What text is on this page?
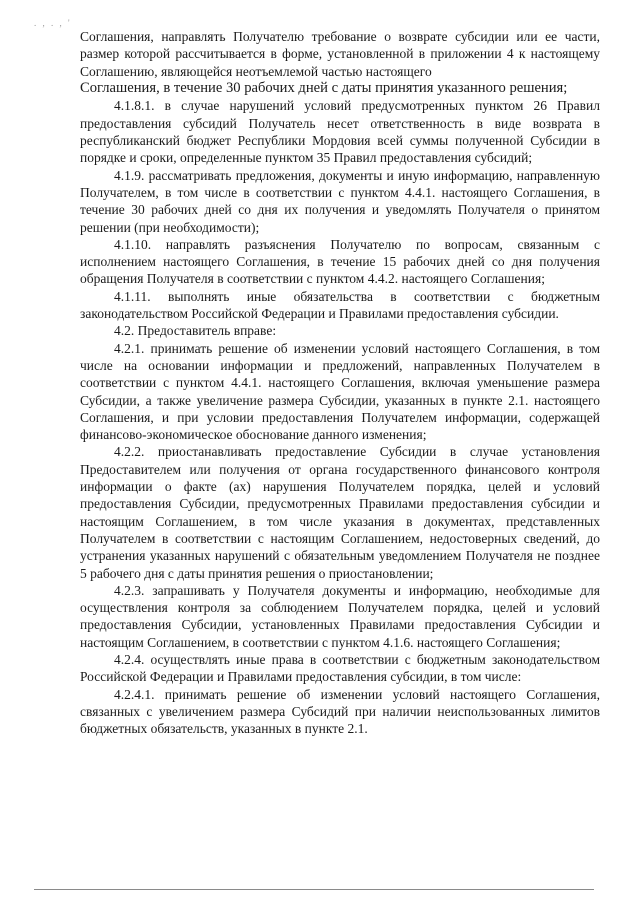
. , . , '

Соглашения, направлять Получателю требование о возврате субсидии или ее части, размер которой рассчитывается в форме, установленной в приложении 4 к настоящему Соглашению, являющейся неотъемлемой частью настоящего

Соглашения, в течение 30 рабочих дней с даты принятия указанного решения;

4.1.8.1. в случае нарушений условий предусмотренных пунктом 26 Правил предоставления субсидий Получатель несет ответственность в виде возврата в республиканский бюджет Республики Мордовия всей суммы полученной Субсидии в порядке и сроки, определенные пунктом 35 Правил предоставления субсидий;

4.1.9. рассматривать предложения, документы и иную информацию, направленную Получателем, в том числе в соответствии с пунктом 4.4.1. настоящего Соглашения, в течение 30 рабочих дней со дня их получения и уведомлять Получателя о принятом решении (при необходимости);

4.1.10. направлять разъяснения Получателю по вопросам, связанным с исполнением настоящего Соглашения, в течение 15 рабочих дней со дня получения обращения Получателя в соответствии с пунктом 4.4.2. настоящего Соглашения;

4.1.11. выполнять иные обязательства в соответствии с бюджетным законодательством Российской Федерации и Правилами предоставления субсидии.

4.2. Предоставитель вправе:

4.2.1. принимать решение об изменении условий настоящего Соглашения, в том числе на основании информации и предложений, направленных Получателем в соответствии с пунктом 4.4.1. настоящего Соглашения, включая уменьшение размера Субсидии, а также увеличение размера Субсидии, указанных в пункте 2.1. настоящего Соглашения, и при условии предоставления Получателем информации, содержащей финансово-экономическое обоснование данного изменения;

4.2.2. приостанавливать предоставление Субсидии в случае установления Предоставителем или получения от органа государственного финансового контроля информации о факте (ах) нарушения Получателем порядка, целей и условий предоставления Субсидии, предусмотренных Правилами предоставления субсидии и настоящим Соглашением, в том числе указания в документах, представленных Получателем в соответствии с настоящим Соглашением, недостоверных сведений, до устранения указанных нарушений с обязательным уведомлением Получателя не позднее 5 рабочего дня с даты принятия решения о приостановлении;

4.2.3. запрашивать у Получателя документы и информацию, необходимые для осуществления контроля за соблюдением Получателем порядка, целей и условий предоставления Субсидии, установленных Правилами предоставления Субсидии и настоящим Соглашением, в соответствии с пунктом 4.1.6. настоящего Соглашения;

4.2.4. осуществлять иные права в соответствии с бюджетным законодательством Российской Федерации и Правилами предоставления субсидии, в том числе:

4.2.4.1. принимать решение об изменении условий настоящего Соглашения, связанных с увеличением размера Субсидий при наличии неиспользованных лимитов бюджетных обязательств, указанных в пункте 2.1.
